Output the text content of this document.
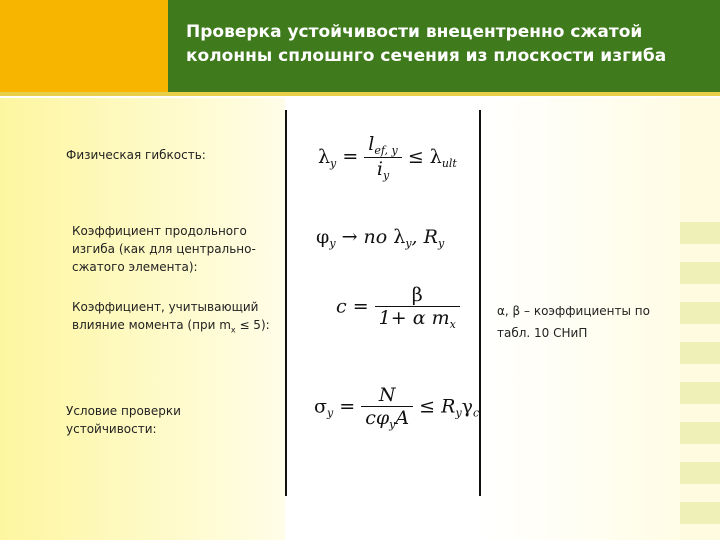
Проверка устойчивости внецентренно сжатой
колонны сплошнго сечения из плоскости изгиба
Физическая гибкость:	$\lambda_y = \frac{l_{ef, y}}{i_y} \le \lambda_{ult}$
Коэффициент продольного
изгиба (как для центрально-
сжатого элемента):
$\varphi_y$ → по $\lambda_y$, $R_y$
Коэффициент, учитывающий
влияние момента (при $m_x \le 5$):
$c = \frac{\beta}{1+ \alpha m_x}$
Условие проверки
устойчивости:
$\sigma_y = \frac{N}{c\varphi_yA} \le R_y\gamma_c$
α, β – коэффициенты по
табл. 10 СНиП
